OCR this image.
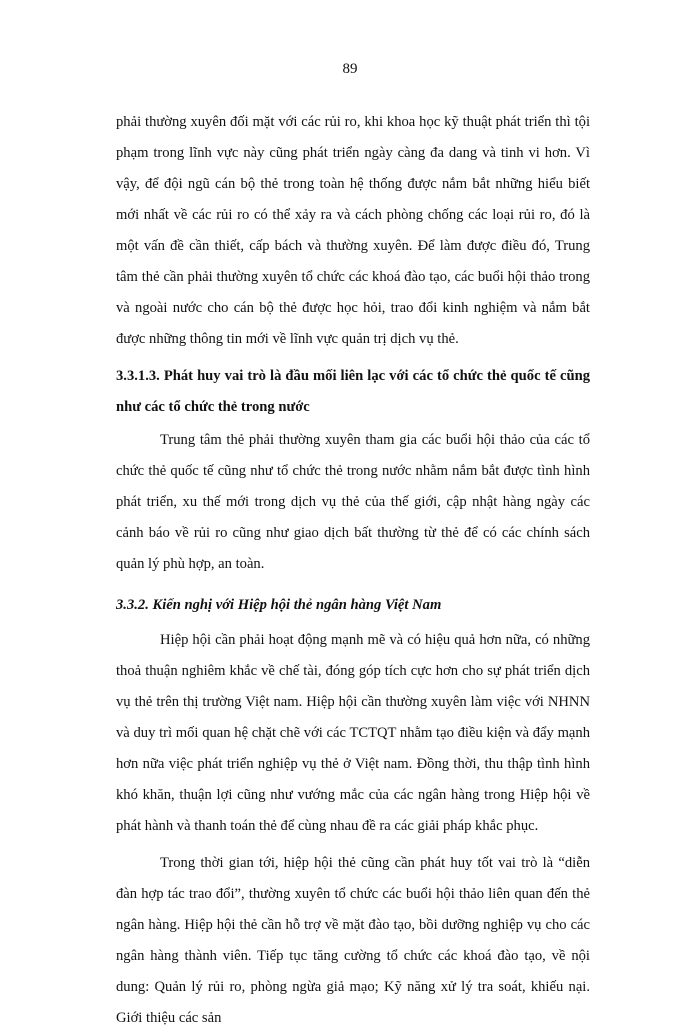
89

phải thường xuyên đối mặt với các rủi ro, khi khoa học kỹ thuật phát triển thì tội phạm trong lĩnh vực này cũng phát triển ngày càng đa dang và tinh vi hơn. Vì vậy, để đội ngũ cán bộ thẻ trong toàn hệ thống được nắm bắt những hiểu biết mới nhất về các rủi ro có thể xảy ra và cách phòng chống các loại rủi ro, đó là một vấn đề cần thiết, cấp bách và thường xuyên. Để làm được điều đó, Trung tâm thẻ cần phải thường xuyên tổ chức các khoá đào tạo, các buổi hội thảo trong và ngoài nước cho cán bộ thẻ được học hỏi, trao đổi kinh nghiệm và nắm bắt được những thông tin mới về lĩnh vực quản trị dịch vụ thẻ.

3.3.1.3. Phát huy vai trò là đầu mối liên lạc với các tổ chức thẻ quốc tế cũng như các tổ chức thẻ trong nước

Trung tâm thẻ phải thường xuyên tham gia các buổi hội thảo của các tổ chức thẻ quốc tế cũng như tổ chức thẻ trong nước nhằm nắm bắt được tình hình phát triển, xu thế mới trong dịch vụ thẻ của thế giới, cập nhật hàng ngày các cảnh báo về rủi ro cũng như giao dịch bất thường từ thẻ để có các chính sách quản lý phù hợp, an toàn.

3.3.2. Kiến nghị với Hiệp hội thẻ ngân hàng Việt Nam

Hiệp hội cần phải hoạt động mạnh mẽ và có hiệu quả hơn nữa, có những thoả thuận nghiêm khắc về chế tài, đóng góp tích cực hơn cho sự phát triển dịch vụ thẻ trên thị trường Việt nam. Hiệp hội cần thường xuyên làm việc với NHNN và duy trì mối quan hệ chặt chẽ với các TCTQT nhằm tạo điều kiện và đẩy mạnh hơn nữa việc phát triển nghiệp vụ thẻ ở Việt nam. Đồng thời, thu thập tình hình khó khăn, thuận lợi cũng như vướng mắc của các ngân hàng trong Hiệp hội về phát hành và thanh toán thẻ để cùng nhau đề ra các giải pháp khắc phục.

Trong thời gian tới, hiệp hội thẻ cũng cần phát huy tốt vai trò là “diễn đàn hợp tác trao đổi”, thường xuyên tổ chức các buổi hội thảo liên quan đến thẻ ngân hàng. Hiệp hội thẻ cần hỗ trợ về mặt đào tạo, bồi dưỡng nghiệp vụ cho các ngân hàng thành viên. Tiếp tục tăng cường tổ chức các khoá đào tạo, về nội dung: Quản lý rủi ro, phòng ngừa giả mạo; Kỹ năng xử lý tra soát, khiếu nại. Giới thiệu các sản
